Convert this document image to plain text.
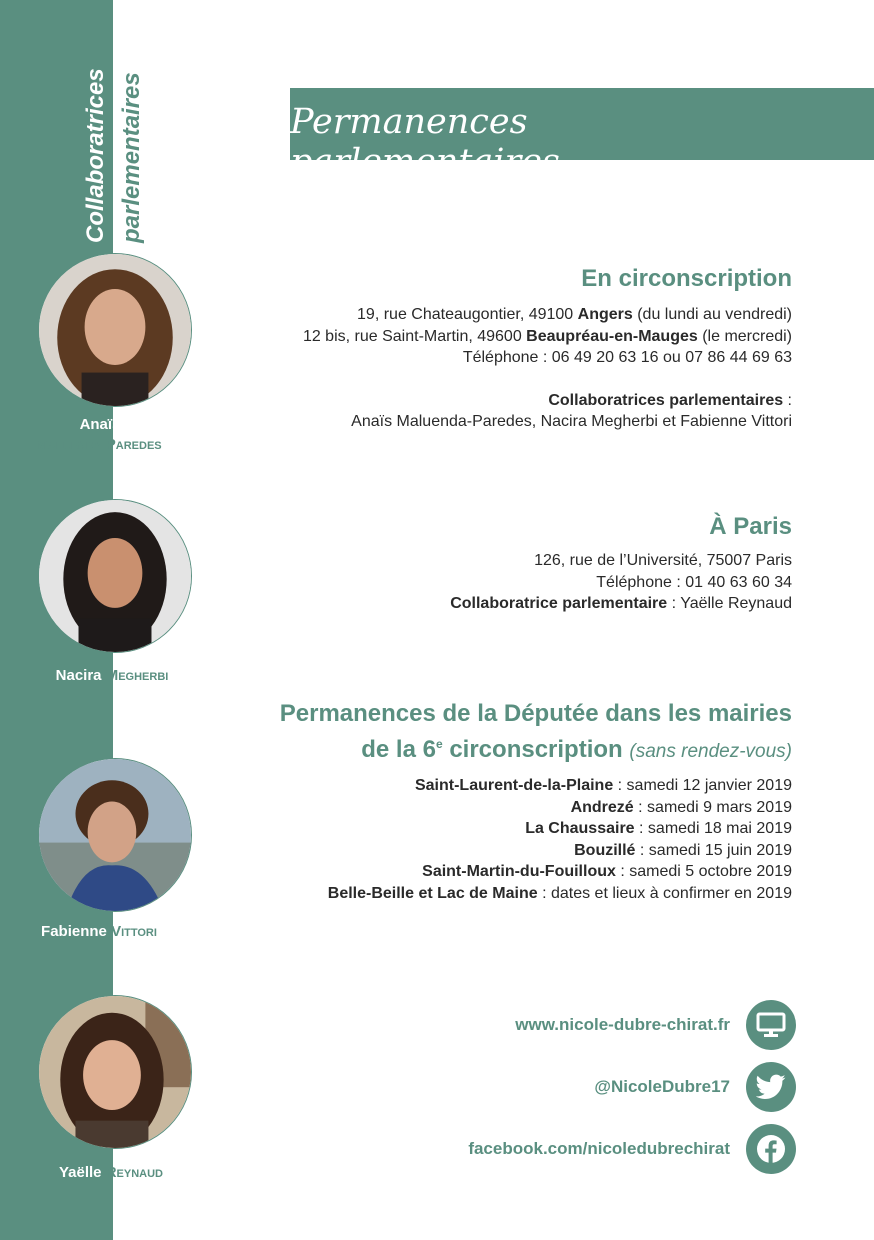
Collaboratrices parlementaires
Anaïs
Maluenda Paredes
Nacira Megherbi
Fabienne Vittori
Yaëlle Reynaud
Permanences parlementaires
En circonscription
19, rue Chateaugontier, 49100 Angers (du lundi au vendredi)
12 bis, rue Saint-Martin, 49600 Beaupréau-en-Mauges (le mercredi)
Téléphone : 06 49 20 63 16 ou 07 86 44 69 63
Collaboratrices parlementaires :
Anaïs Maluenda-Paredes, Nacira Megherbi et Fabienne Vittori
À Paris
126, rue de l’Université, 75007 Paris
Téléphone : 01 40 63 60 34
Collaboratrice parlementaire : Yaëlle Reynaud
Permanences de la Députée dans les mairies
de la 6e circonscription (sans rendez-vous)
Saint-Laurent-de-la-Plaine : samedi 12 janvier 2019
Andrezé : samedi 9 mars 2019
La Chaussaire : samedi 18 mai 2019
Bouzillé : samedi 15 juin 2019
Saint-Martin-du-Fouilloux : samedi 5 octobre 2019
Belle-Beille et Lac de Maine : dates et lieux à confirmer en 2019
www.nicole-dubre-chirat.fr
@NicoleDubre17
facebook.com/nicoledubrechirat
